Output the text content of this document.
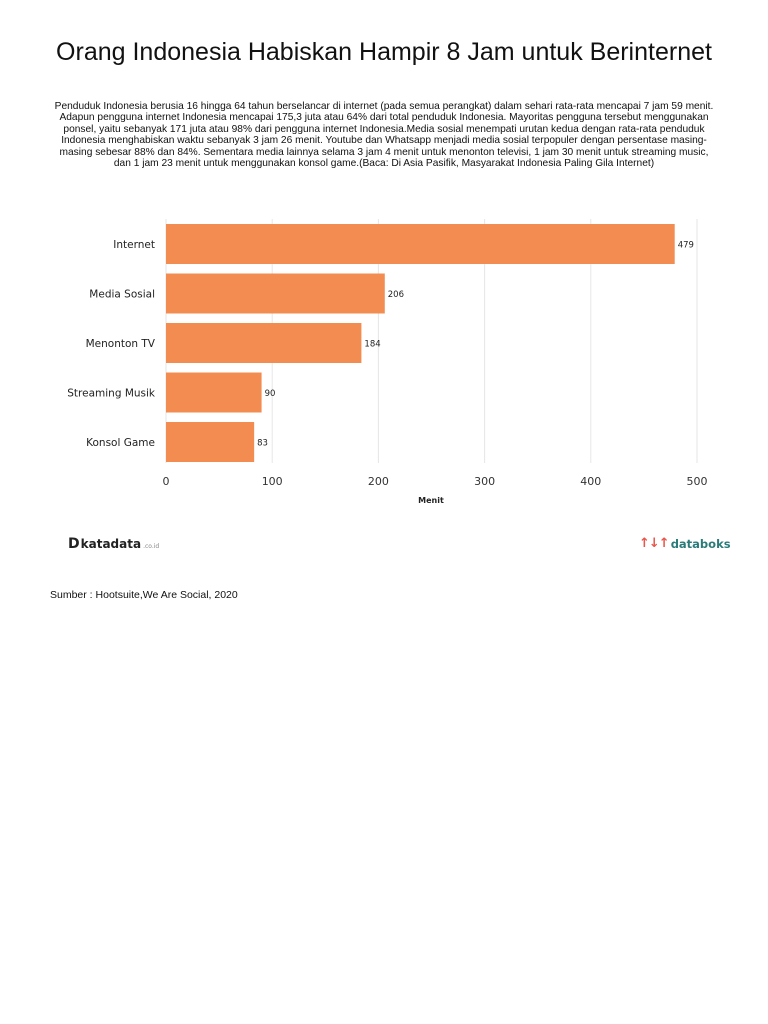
Orang Indonesia Habiskan Hampir 8 Jam untuk Berinternet

Penduduk Indonesia berusia 16 hingga 64 tahun berselancar di internet (pada semua perangkat) dalam sehari rata-rata mencapai 7 jam 59 menit. Adapun pengguna internet Indonesia mencapai 175,3 juta atau 64% dari total penduduk Indonesia. Mayoritas pengguna tersebut menggunakan ponsel, yaitu sebanyak 171 juta atau 98% dari pengguna internet Indonesia.Media sosial menempati urutan kedua dengan rata-rata penduduk Indonesia menghabiskan waktu sebanyak 3 jam 26 menit. Youtube dan Whatsapp menjadi media sosial terpopuler dengan persentase masing-masing sebesar 88% dan 84%. Sementara media lainnya selama 3 jam 4 menit untuk menonton televisi, 1 jam 30 menit untuk streaming music, dan 1 jam 23 menit untuk menggunakan konsol game.(Baca: Di Asia Pasifik, Masyarakat Indonesia Paling Gila Internet)

Internet	479
Media Sosial	206
Menonton TV	184
Streaming Musik	90
Konsol Game	83
0	100	200	300	400	500
Menit
D katadata .co.id	↑↓↑ databoks
Sumber : Hootsuite,We Are Social, 2020
